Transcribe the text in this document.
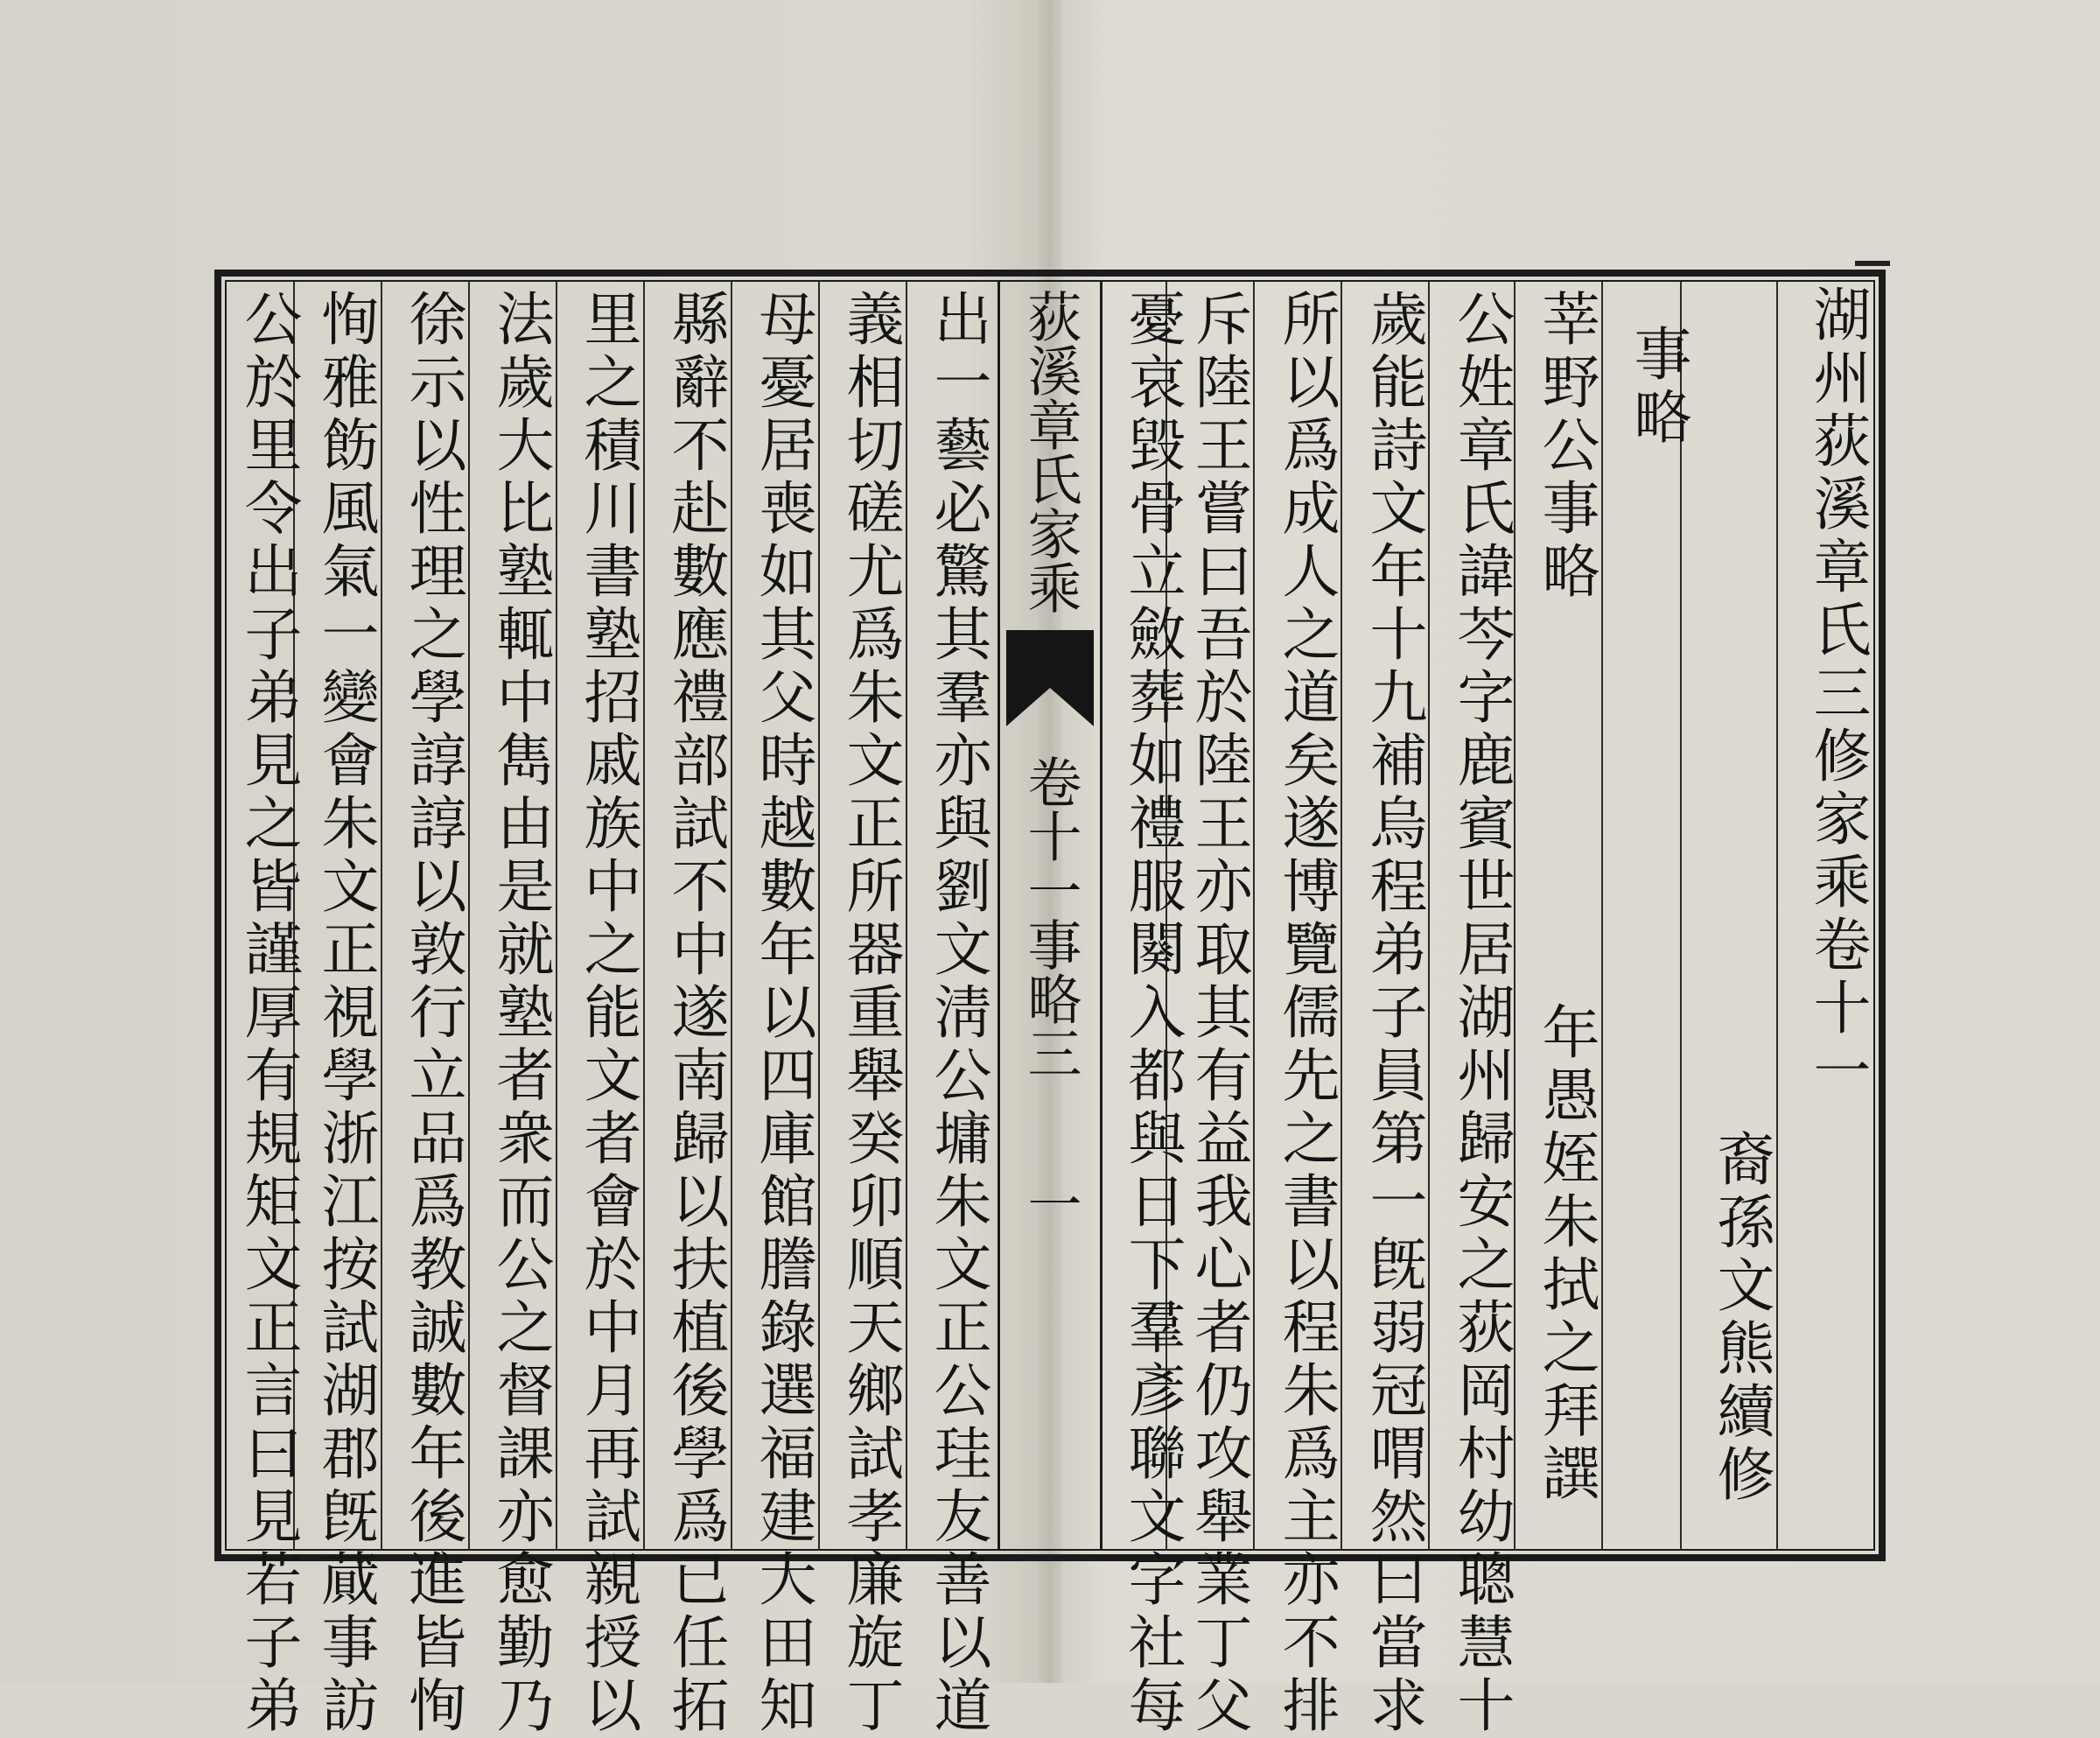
湖州荻溪章氏三修家乘卷十一
裔孫文熊續修
事略
莘野公事略
年愚姪朱拭之拜譔
公姓章氏諱芩字鹿賓世居湖州歸安之荻岡村幼聰慧十
歲能詩文年十九補烏程弟子員第一旣弱冠喟然曰當求
所以爲成人之道矣遂博覽儒先之書以程朱爲主亦不排
斥陸王嘗曰吾於陸王亦取其有益我心者仍攻舉業丁父
憂哀毀骨立斂葬如禮服闋入都與日下羣彥聯文字社每
荻溪章氏家乘卷十一事略三一
出一藝必驚其羣亦與劉文淸公墉朱文正公珪友善以道
義相切磋尤爲朱文正所器重舉癸卯順天鄉試孝廉旋丁
母憂居喪如其父時越數年以四庫館謄錄選福建大田知
縣辭不赴數應禮部試不中遂南歸以扶植後學爲已任拓
里之積川書塾招戚族中之能文者會於中月再試親授以
法歲大比塾輒中雋由是就塾者衆而公之督課亦愈勤乃
徐示以性理之學諄諄以敦行立品爲教誠數年後進皆恂
恂雅飭風氣一變會朱文正視學浙江按試湖郡旣蕆事訪
公於里令出子弟見之皆謹厚有規矩文正言曰見若子弟
